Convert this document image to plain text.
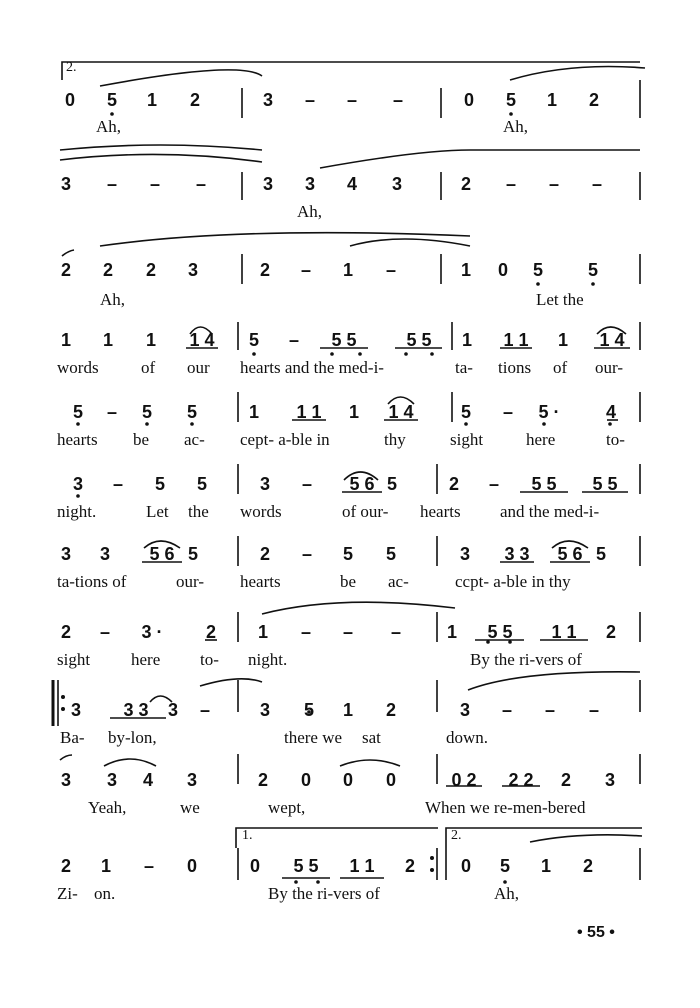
2.
1.	2.
0 5 1 2	3 – – –	0 5 1 2
Ah,	Ah,
3 – – –	3 3 4 3	2 – – –
Ah,
2 2 2 3	2 – 1 –	1 0 5 5
Ah,	Let the
1 1 1 1 4 5 – 5 5	5 5 1 1 1 1 1 4
words of our hearts and the med-i-	ta- tions of our-
5 – 5 5	1 1 1 1 1 4	5 – 5 ·	4
hearts be ac- cept- a-ble in	thy	sight	here	to-
3 – 5 5	3 – 5 6 5	2 – 5 5 5 5
night.	Let the words	of our- hearts and the med-i-
3 3 5 6 5	2 – 5 5	3 3 3 5 6 5
ta-tions of	our- hearts	be ac-	ccpt- a-ble in thy
2 – 3 · 2 1 – – –	1 5 5 1 1 2
sight here to- night.	By the ri-vers of
3 3 3 3 –	3 5 1 2	3 – – –
Ba- by-lon,	there we sat	down.
3 3 4 3	2 0 0 0	0 2 2 2 2 3
Yeah,	we	wept,	When we re-men-bered
2 1 – 0	0 5 5 1 1 2	0 5 1 2
Zi- on.	By the ri-vers of	Ah,
• 55 •
